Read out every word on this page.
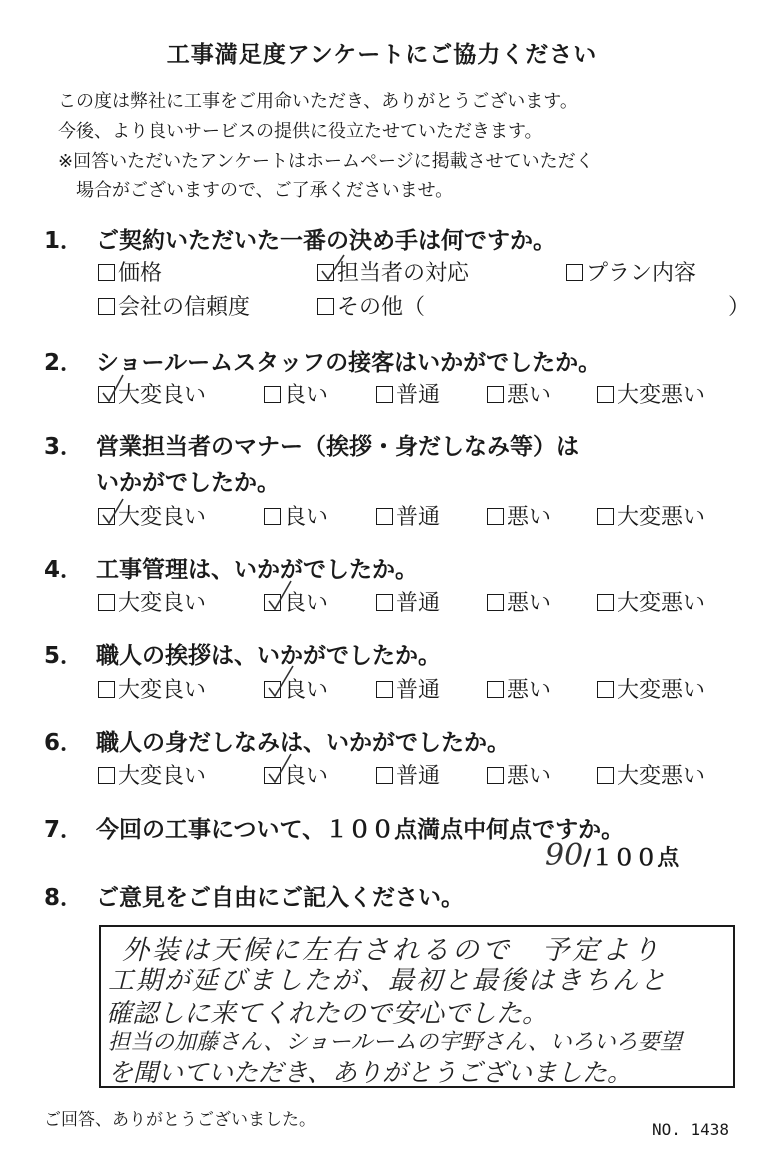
工事満足度アンケートにご協力ください
この度は弊社に工事をご用命いただき、ありがとうございます。
今後、より良いサービスの提供に役立たせていただきます。
※回答いただいたアンケートはホームページに掲載させていただく
　場合がございますので、ご了承くださいませ。
1． ご契約いただいた一番の決め手は何ですか。
価格	担当者の対応	プラン内容
会社の信頼度	その他（	）
2． ショールームスタッフの接客はいかがでしたか。
大変良い	良い	普通	悪い	大変悪い
3． 営業担当者のマナー（挨拶・身だしなみ等）は
いかがでしたか。
大変良い	良い	普通	悪い	大変悪い
4． 工事管理は、いかがでしたか。
大変良い	良い	普通	悪い	大変悪い
5． 職人の挨拶は、いかがでしたか。
大変良い	良い	普通	悪い	大変悪い
6． 職人の身だしなみは、いかがでしたか。
大変良い	良い	普通	悪い	大変悪い
7． 今回の工事について、１００点満点中何点ですか。
90/１００点
8． ご意見をご自由にご記入ください。
外装は天候に左右されるので　予定より
工期が延びましたが、最初と最後はきちんと
確認しに来てくれたので安心でした。
担当の加藤さん、ショールームの宇野さん、いろいろ要望
を聞いていただき、ありがとうございました。
ご回答、ありがとうございました。	NO. 1438
